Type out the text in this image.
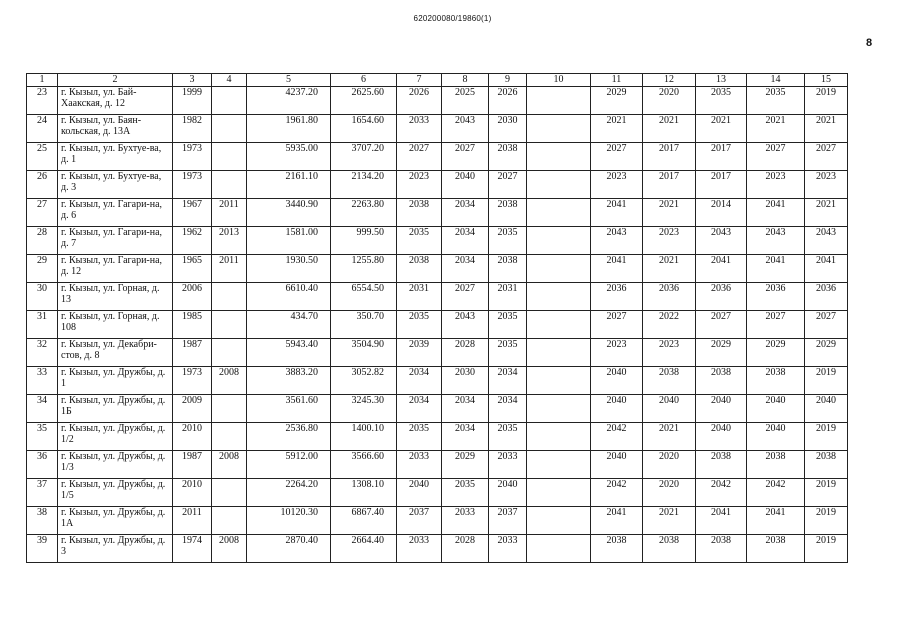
620200080/19860(1)
8
1	2	3	4	5	6	7	8	9	10	11	12	13	14	15
23	г. Кызыл, ул. Бай-Хаакская, д. 12	1999		4237.20	2625.60	2026	2025	2026		2029	2020	2035	2035	2019
24	г. Кызыл, ул. Баян-кольская, д. 13А	1982		1961.80	1654.60	2033	2043	2030		2021	2021	2021	2021	2021
25	г. Кызыл, ул. Бухтуе-ва, д. 1	1973		5935.00	3707.20	2027	2027	2038		2027	2017	2017	2027	2027
26	г. Кызыл, ул. Бухтуе-ва, д. 3	1973		2161.10	2134.20	2023	2040	2027		2023	2017	2017	2023	2023
27	г. Кызыл, ул. Гагари-на, д. 6	1967	2011	3440.90	2263.80	2038	2034	2038		2041	2021	2014	2041	2021
28	г. Кызыл, ул. Гагари-на, д. 7	1962	2013	1581.00	999.50	2035	2034	2035		2043	2023	2043	2043	2043
29	г. Кызыл, ул. Гагари-на, д. 12	1965	2011	1930.50	1255.80	2038	2034	2038		2041	2021	2041	2041	2041
30	г. Кызыл, ул. Горная, д. 13	2006		6610.40	6554.50	2031	2027	2031		2036	2036	2036	2036	2036
31	г. Кызыл, ул. Горная, д. 108	1985		434.70	350.70	2035	2043	2035		2027	2022	2027	2027	2027
32	г. Кызыл, ул. Декабри-стов, д. 8	1987		5943.40	3504.90	2039	2028	2035		2023	2023	2029	2029	2029
33	г. Кызыл, ул. Дружбы, д. 1	1973	2008	3883.20	3052.82	2034	2030	2034		2040	2038	2038	2038	2019
34	г. Кызыл, ул. Дружбы, д. 1Б	2009		3561.60	3245.30	2034	2034	2034		2040	2040	2040	2040	2040
35	г. Кызыл, ул. Дружбы, д. 1/2	2010		2536.80	1400.10	2035	2034	2035		2042	2021	2040	2040	2019
36	г. Кызыл, ул. Дружбы, д. 1/3	1987	2008	5912.00	3566.60	2033	2029	2033		2040	2020	2038	2038	2038
37	г. Кызыл, ул. Дружбы, д. 1/5	2010		2264.20	1308.10	2040	2035	2040		2042	2020	2042	2042	2019
38	г. Кызыл, ул. Дружбы, д. 1А	2011		10120.30	6867.40	2037	2033	2037		2041	2021	2041	2041	2019
39	г. Кызыл, ул. Дружбы, д. 3	1974	2008	2870.40	2664.40	2033	2028	2033		2038	2038	2038	2038	2019
